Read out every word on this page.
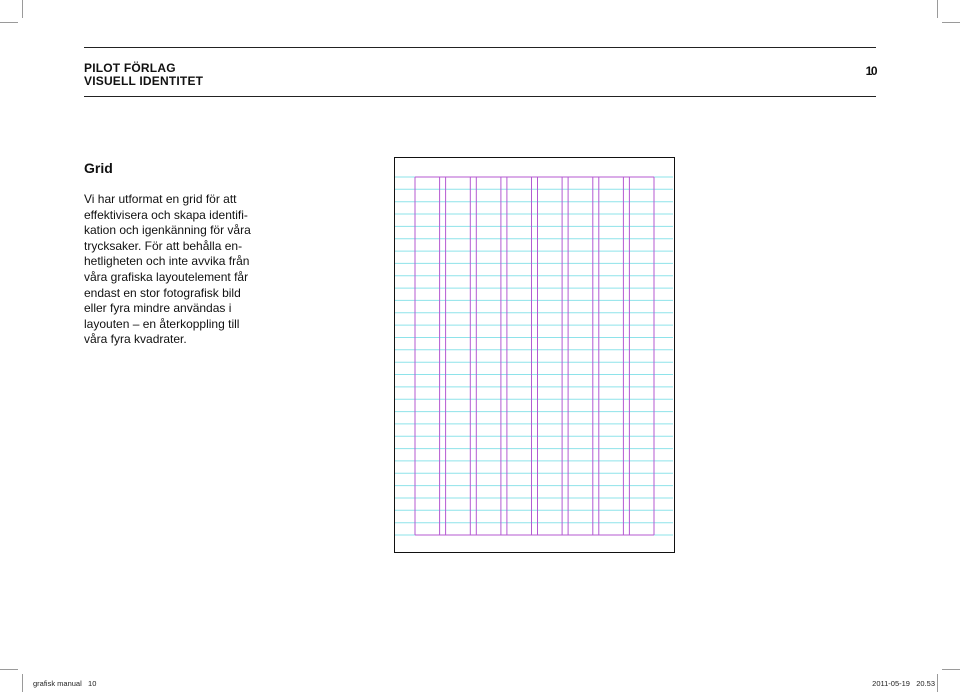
PILOT FÖRLAG
VISUELL IDENTITET
10
Grid
Vi har utformat en grid för att
effektivisera och skapa identifi-
kation och igenkänning för våra
trycksaker. För att behålla en-
hetligheten och inte avvika från
våra grafiska layoutelement får
endast en stor fotografisk bild
eller fyra mindre användas i
layouten – en återkoppling till
våra fyra kvadrater.
grafisk manual   10	2011-05-19   20.53
